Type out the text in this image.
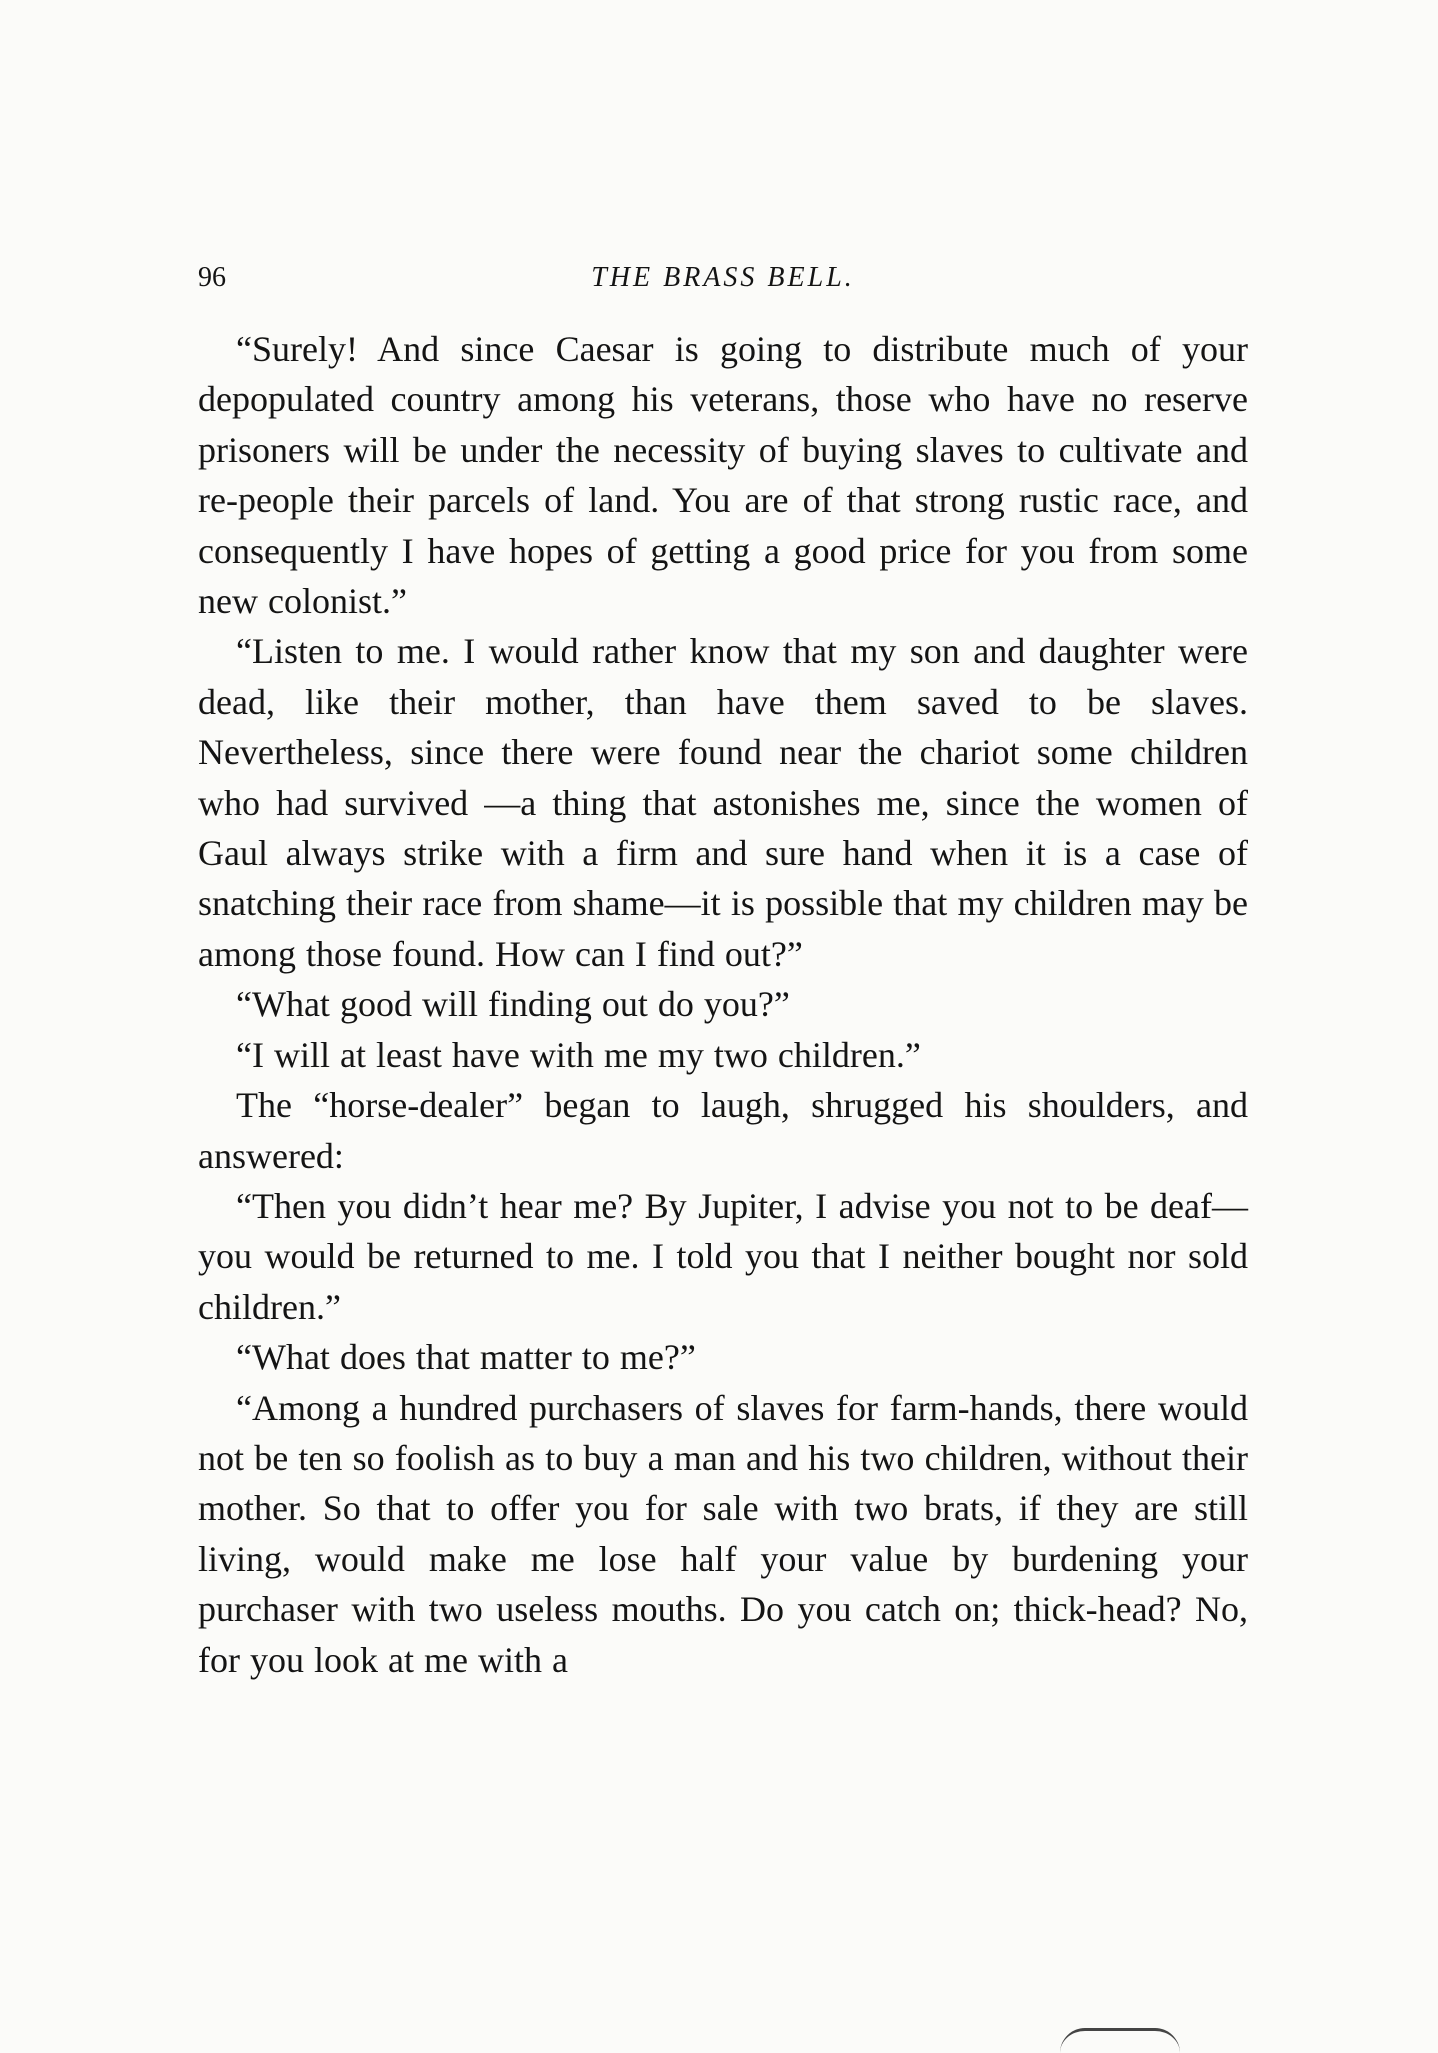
96	THE BRASS BELL.

“Surely! And since Caesar is going to distribute much of your depopulated country among his veterans, those who have no reserve prisoners will be under the necessity of buying slaves to cultivate and re-people their parcels of land. You are of that strong rustic race, and consequently I have hopes of getting a good price for you from some new colonist.”

“Listen to me. I would rather know that my son and daughter were dead, like their mother, than have them saved to be slaves. Nevertheless, since there were found near the chariot some children who had survived —a thing that astonishes me, since the women of Gaul always strike with a firm and sure hand when it is a case of snatching their race from shame—it is possible that my children may be among those found. How can I find out?”

“What good will finding out do you?”

“I will at least have with me my two children.”

The “horse-dealer” began to laugh, shrugged his shoulders, and answered:

“Then you didn’t hear me? By Jupiter, I advise you not to be deaf—you would be returned to me. I told you that I neither bought nor sold children.”

“What does that matter to me?”

“Among a hundred purchasers of slaves for farm-hands, there would not be ten so foolish as to buy a man and his two children, without their mother. So that to offer you for sale with two brats, if they are still living, would make me lose half your value by burdening your purchaser with two useless mouths. Do you catch on; thick-head? No, for you look at me with a
